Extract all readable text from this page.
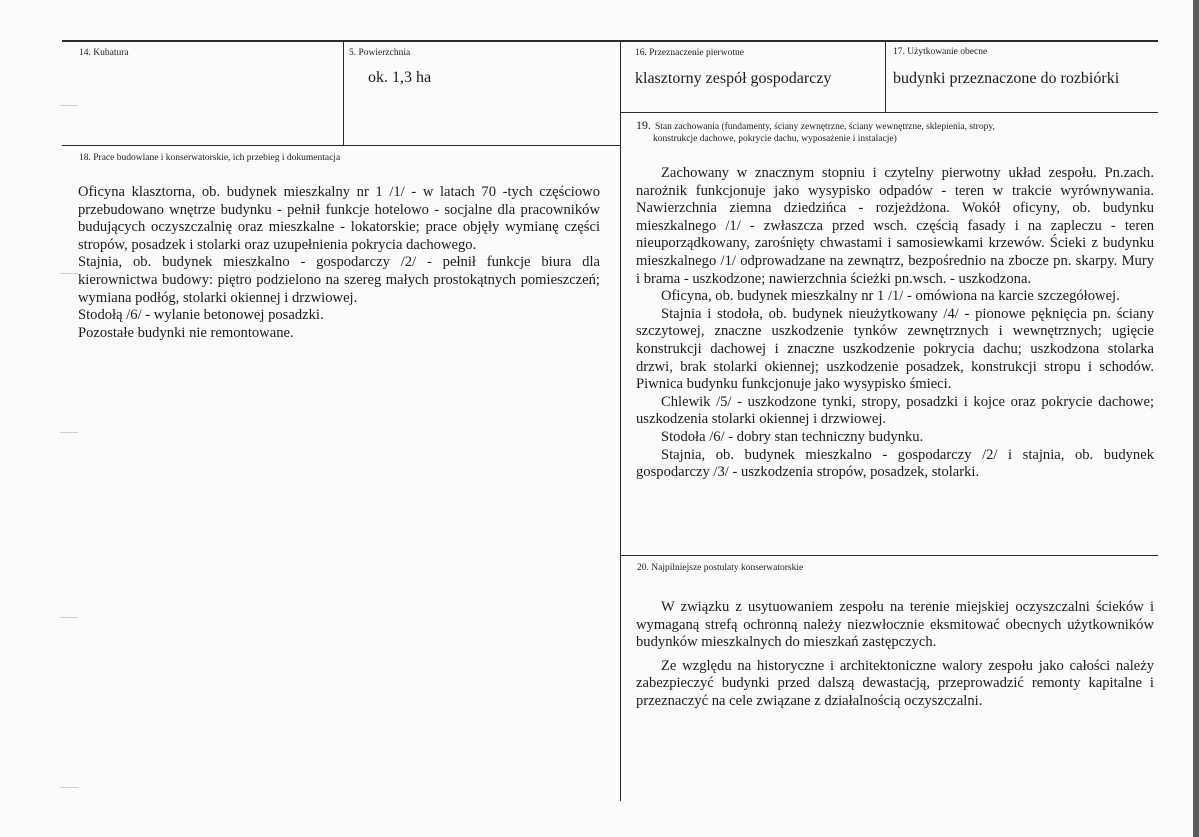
14. Kubatura	5. Powierzchnia
ok. 1,3 ha
16. Przeznaczenie pierwotne
klasztorny zespół gospodarczy
17. Użytkowanie obecne
budynki przeznaczone do rozbiórki
18. Prace budowlane i konserwatorskie, ich przebieg i dokumentacja

Oficyna klasztorna, ob. budynek mieszkalny nr 1 /1/ - w latach 70 -tych częściowo przebudowano wnętrze budynku - pełnił funkcje hotelowo - socjalne dla pracowników budujących oczyszczalnię oraz mieszkalne - lokatorskie; prace objęły wymianę części stropów, posadzek i stolarki oraz uzupełnienia pokrycia dachowego.

Stajnia, ob. budynek mieszkalno - gospodarczy /2/ - pełnił funkcje biura dla kierownictwa budowy: piętro podzielono na szereg małych prostokątnych pomieszczeń; wymiana podłóg, stolarki okiennej i drzwiowej.

Stodołą /6/ - wylanie betonowej posadzki.

Pozostałe budynki nie remontowane.

19. Stan zachowania (fundamenty, ściany zewnętrzne, ściany wewnętrzne, sklepienia, stropy,
konstrukcje dachowe, pokrycie dachu, wyposażenie i instalacje)

Zachowany w znacznym stopniu i czytelny pierwotny układ zespołu. Pn.zach. narożnik funkcjonuje jako wysypisko odpadów - teren w trakcie wyrównywania. Nawierzchnia ziemna dziedzińca - rozjeżdżona. Wokół oficyny, ob. budynku mieszkalnego /1/ - zwłaszcza przed wsch. częścią fasady i na zapleczu - teren nieuporządkowany, zarośnięty chwastami i samosiewkami krzewów. Ścieki z budynku mieszkalnego /1/ odprowadzane na zewnątrz, bezpośrednio na zbocze pn. skarpy. Mury i brama - uszkodzone; nawierzchnia ścieżki pn.wsch. - uszkodzona.

Oficyna, ob. budynek mieszkalny nr 1 /1/ - omówiona na karcie szczegółowej.

Stajnia i stodoła, ob. budynek nieużytkowany /4/ - pionowe pęknięcia pn. ściany szczytowej, znaczne uszkodzenie tynków zewnętrznych i wewnętrznych; ugięcie konstrukcji dachowej i znaczne uszkodzenie pokrycia dachu; uszkodzona stolarka drzwi, brak stolarki okiennej; uszkodzenie posadzek, konstrukcji stropu i schodów. Piwnica budynku funkcjonuje jako wysypisko śmieci.

Chlewik /5/ - uszkodzone tynki, stropy, posadzki i kojce oraz pokrycie dachowe; uszkodzenia stolarki okiennej i drzwiowej.

Stodoła /6/ - dobry stan techniczny budynku.

Stajnia, ob. budynek mieszkalno - gospodarczy /2/ i stajnia, ob. budynek gospodarczy /3/ - uszkodzenia stropów, posadzek, stolarki.

20. Najpilniejsze postulaty konserwatorskie

W związku z usytuowaniem zespołu na terenie miejskiej oczyszczalni ścieków i wymaganą strefą ochronną należy niezwłocznie eksmitować obecnych użytkowników budynków mieszkalnych do mieszkań zastępczych.

Ze względu na historyczne i architektoniczne walory zespołu jako całości należy zabezpieczyć budynki przed dalszą dewastacją, przeprowadzić remonty kapitalne i przeznaczyć na cele związane z działalnością oczyszczalni.
